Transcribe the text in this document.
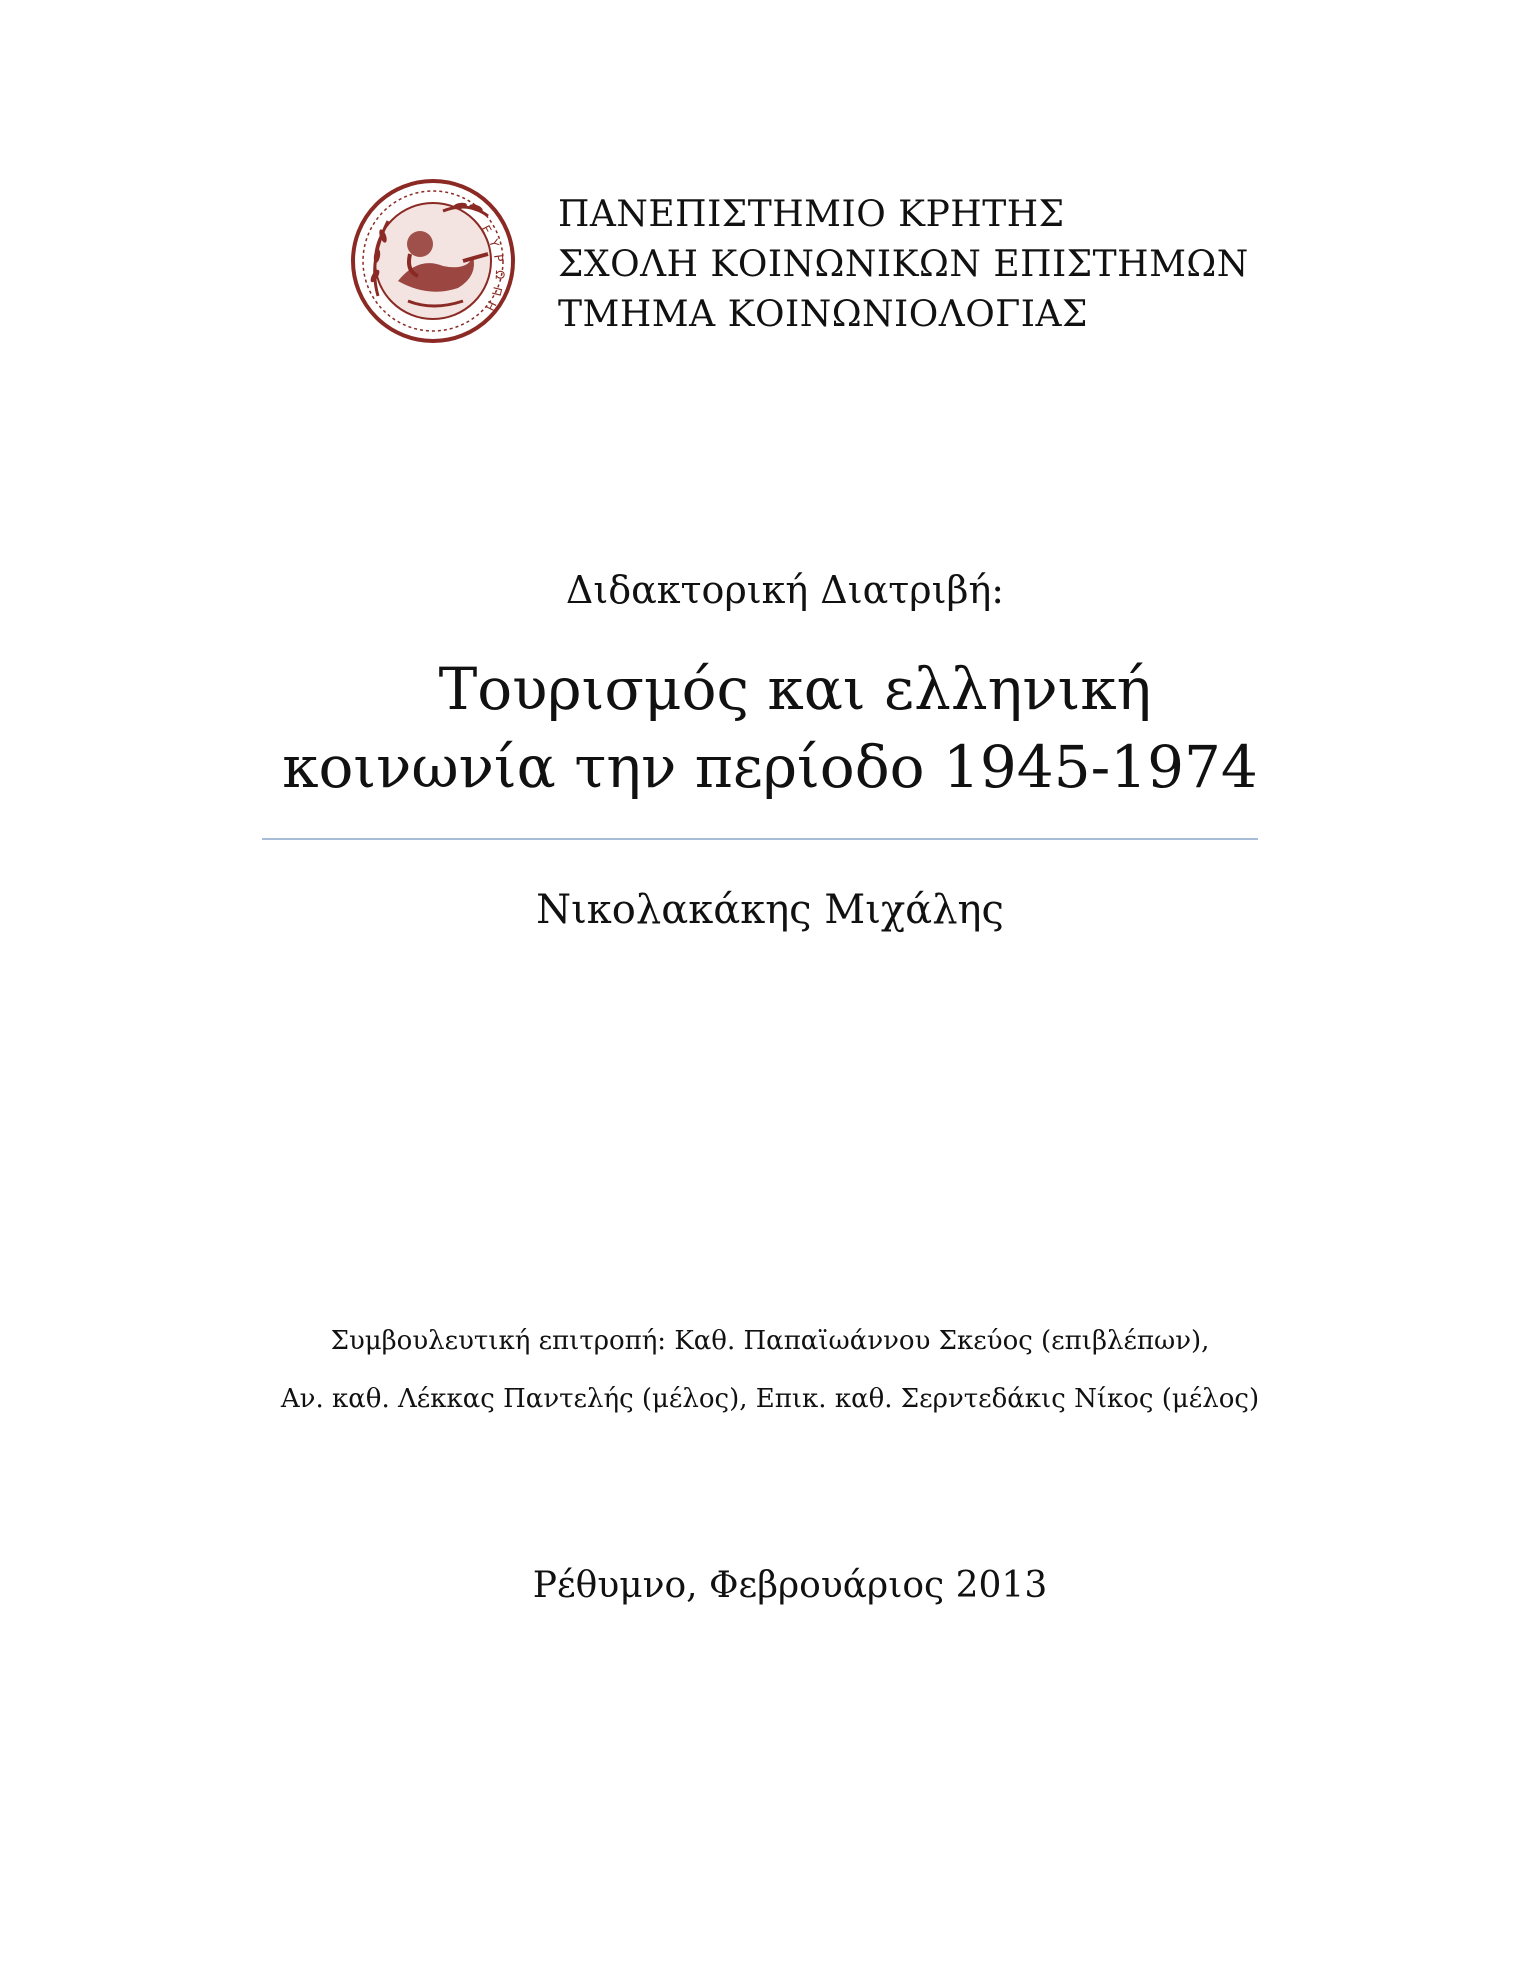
Ε
Υ
Ρ
Ω
Π
Η
ΠΑΝΕΠΙΣΤΗΜΙΟ ΚΡΗΤΗΣ
ΣΧΟΛΗ ΚΟΙΝΩΝΙΚΩΝ ΕΠΙΣΤΗΜΩΝ
ΤΜΗΜΑ ΚΟΙΝΩΝΙΟΛΟΓΙΑΣ
Διδακτορική Διατριβή:
Τουρισμός και ελληνική
κοινωνία την περίοδο 1945-1974
Νικολακάκης Μιχάλης
Συμβουλευτική επιτροπή: Καθ. Παπαϊωάννου Σκεύος (επιβλέπων),
Αν. καθ. Λέκκας Παντελής (μέλος), Επικ. καθ. Σερντεδάκις Νίκος (μέλος)
Ρέθυμνο, Φεβρουάριος 2013
